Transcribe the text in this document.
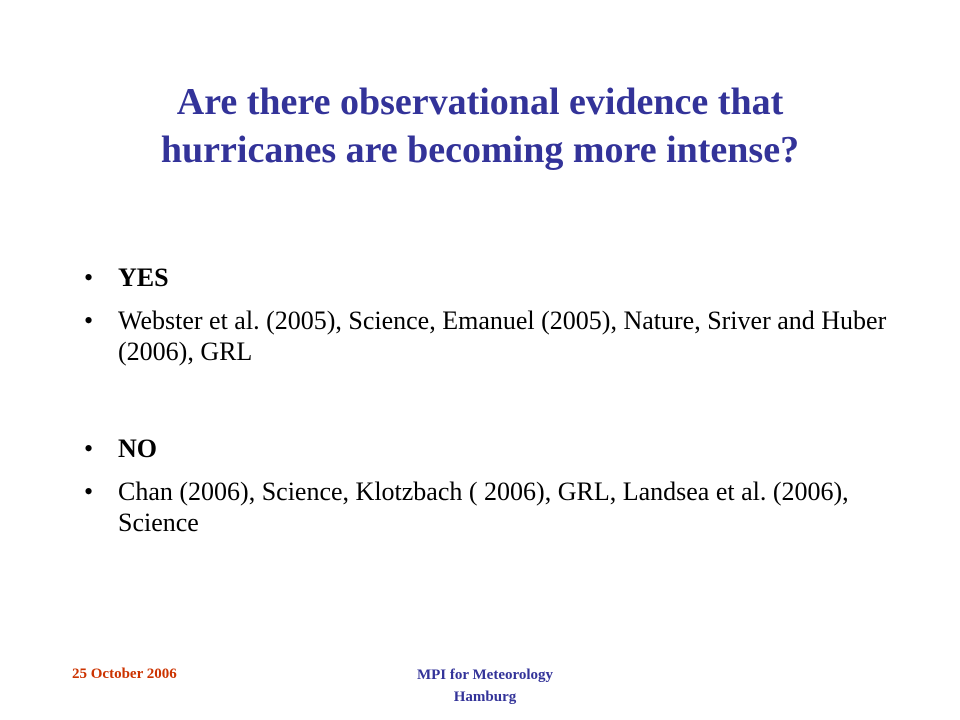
Are there observational evidence that
hurricanes are becoming more intense?
• YES
• Webster et al. (2005), Science, Emanuel (2005), Nature, Sriver and Huber (2006), GRL
• NO
• Chan (2006), Science, Klotzbach ( 2006), GRL, Landsea et al. (2006), Science
25 October 2006	MPI for Meteorology
Hamburg
